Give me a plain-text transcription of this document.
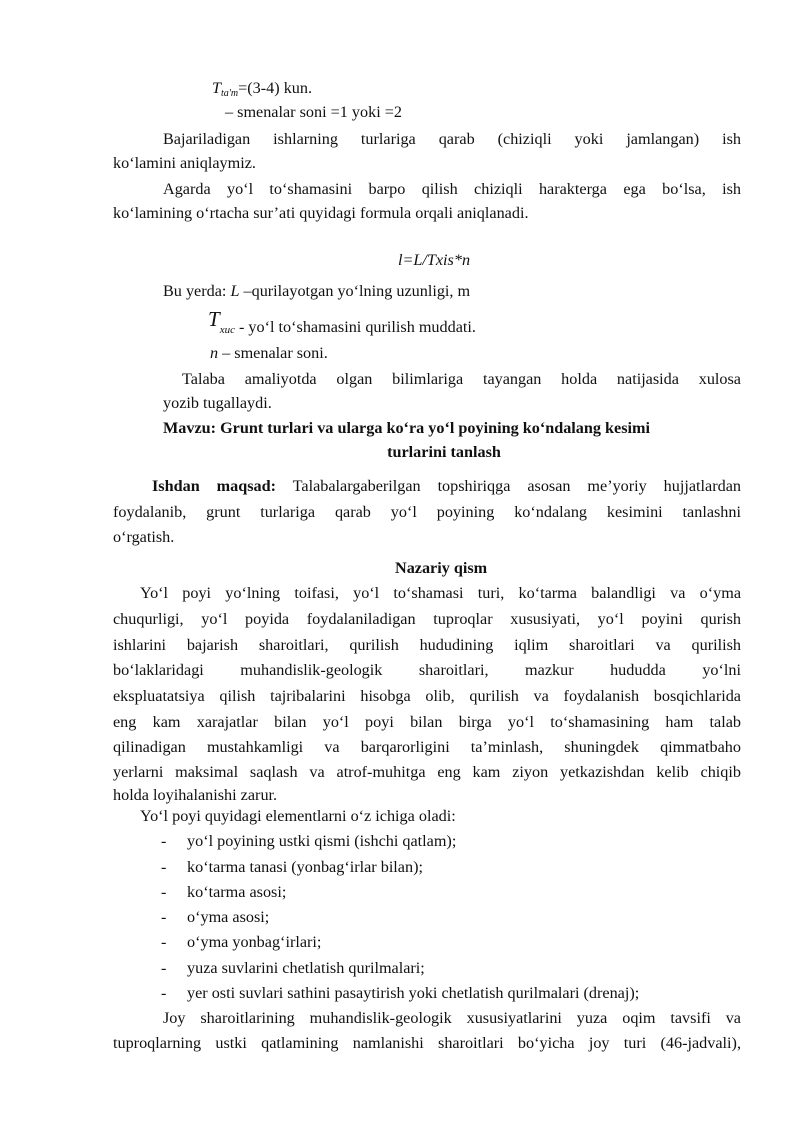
$T_{ta'm}=(3-4)$ kun.
– smenalar soni =1 yoki =2
Bajariladigan ishlarning turlariga qarab (chiziqli yoki jamlangan) ish
ko‘lamini aniqlaymiz.
Agarda yo‘l to‘shamasini barpo qilish chiziqli harakterga ega bo‘lsa, ish
ko‘lamining o‘rtacha sur’ati quyidagi formula orqali aniqlanadi.
l=L/Txis*n
Bu yerda: L –qurilayotgan yo‘lning uzunligi, m
Txuc - yo‘l to‘shamasini qurilish muddati.
n – smenalar soni.
Talaba amaliyotda olgan bilimlariga tayangan holda natijasida xulosa
yozib tugallaydi.
Mavzu: Grunt turlari va ularga ko‘ra yo‘l poyining ko‘ndalang kesimi
turlarini tanlash
Ishdan maqsad: Talabalargaberilgan topshiriqga asosan me’yoriy hujjatlardan
foydalanib, grunt turlariga qarab yo‘l poyining ko‘ndalang kesimini tanlashni
o‘rgatish.
Nazariy qism
Yo‘l poyi yo‘lning toifasi, yo‘l to‘shamasi turi, ko‘tarma balandligi va o‘yma
chuqurligi, yo‘l poyida foydalaniladigan tuproqlar xususiyati, yo‘l poyini qurish
ishlarini bajarish sharoitlari, qurilish hududining iqlim sharoitlari va qurilish
bo‘laklaridagi muhandislik-geologik sharoitlari, mazkur hududda yo‘lni
ekspluatatsiya qilish tajribalarini hisobga olib, qurilish va foydalanish bosqichlarida
eng kam xarajatlar bilan yo‘l poyi bilan birga yo‘l to‘shamasining ham talab
qilinadigan mustahkamligi va barqarorligini ta’minlash, shuningdek qimmatbaho
yerlarni maksimal saqlash va atrof-muhitga eng kam ziyon yetkazishdan kelib chiqib
holda loyihalanishi zarur.
Yo‘l poyi quyidagi elementlarni o‘z ichiga oladi:
- yo‘l poyining ustki qismi (ishchi qatlam);
- ko‘tarma tanasi (yonbag‘irlar bilan);
- ko‘tarma asosi;
- o‘yma asosi;
- o‘yma yonbag‘irlari;
- yuza suvlarini chetlatish qurilmalari;
- yer osti suvlari sathini pasaytirish yoki chetlatish qurilmalari (drenaj);
Joy sharoitlarining muhandislik-geologik xususiyatlarini yuza oqim tavsifi va
tuproqlarning ustki qatlamining namlanishi sharoitlari bo‘yicha joy turi (46-jadvali),
